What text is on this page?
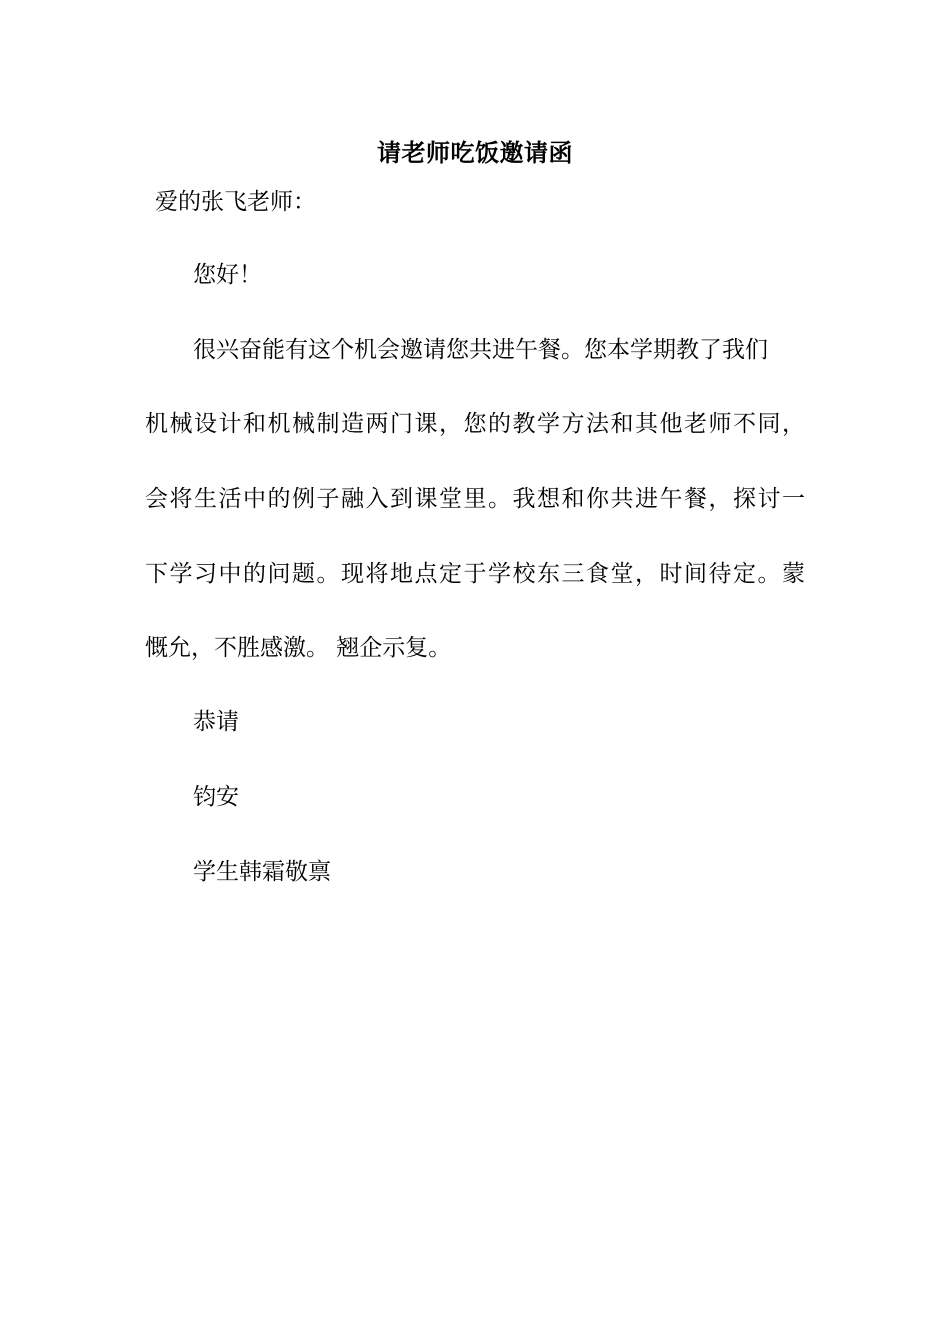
请老师吃饭邀请函
爱的张飞老师：
您好！
很兴奋能有这个机会邀请您共进午餐。您本学期教了我们
机械设计和机械制造两门课，您的教学方法和其他老师不同，
会将生活中的例子融入到课堂里。我想和你共进午餐，探讨一
下学习中的问题。现将地点定于学校东三食堂，时间待定。蒙
慨允，不胜感激。 翘企示复。
恭请
钧安
学生韩霜敬禀
